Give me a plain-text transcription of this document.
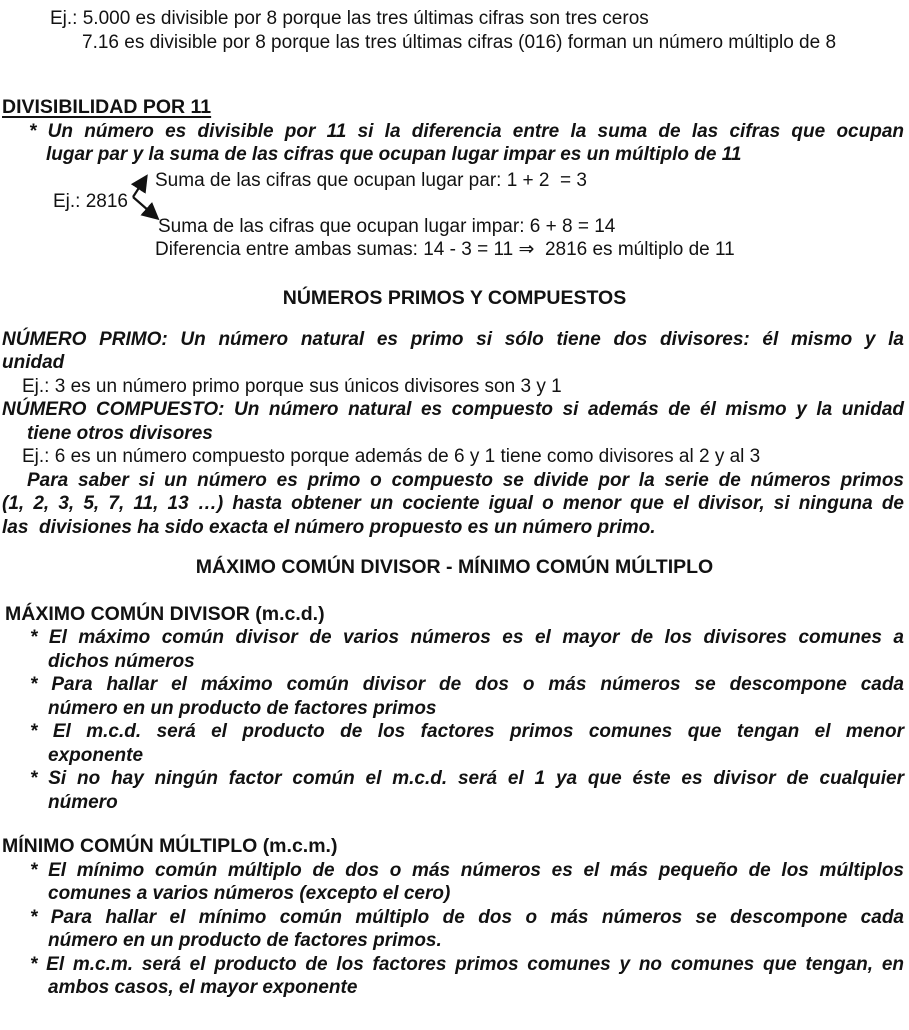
Ej.: 5.000 es divisible por 8 porque las tres últimas cifras son tres ceros
7.16 es divisible por 8 porque las tres últimas cifras (016) forman un número múltiplo de 8
DIVISIBILIDAD POR 11
* Un número es divisible por 11 si la diferencia entre la suma de las cifras que ocupan
lugar par y la suma de las cifras que ocupan lugar impar es un múltiplo de 11
Suma de las cifras que ocupan lugar par: 1 + 2  = 3
Ej.: 2816
Suma de las cifras que ocupan lugar impar: 6 + 8 = 14
Diferencia entre ambas sumas: 14 - 3 = 11 ⇒  2816 es múltiplo de 11
NÚMEROS PRIMOS Y COMPUESTOS
NÚMERO PRIMO: Un número natural es primo si sólo tiene dos divisores: él mismo y la
unidad
Ej.: 3 es un número primo porque sus únicos divisores son 3 y 1
NÚMERO COMPUESTO: Un número natural es compuesto si además de él mismo y la unidad
tiene otros divisores
Ej.: 6 es un número compuesto porque además de 6 y 1 tiene como divisores al 2 y al 3
Para saber si un número es primo o compuesto se divide por la serie de números primos
(1, 2, 3, 5, 7, 11, 13 …) hasta obtener un cociente igual o menor que el divisor, si ninguna de
las  divisiones ha sido exacta el número propuesto es un número primo.
MÁXIMO COMÚN DIVISOR - MÍNIMO COMÚN MÚLTIPLO
MÁXIMO COMÚN DIVISOR (m.c.d.)
* El máximo común divisor de varios números es el mayor de los divisores comunes a
dichos números
* Para hallar el máximo común divisor de dos o más números se descompone cada
número en un producto de factores primos
* El m.c.d. será el producto de los factores primos comunes que tengan el menor
exponente
* Si no hay ningún factor común el m.c.d. será el 1 ya que éste es divisor de cualquier
número
MÍNIMO COMÚN MÚLTIPLO (m.c.m.)
* El mínimo común múltiplo de dos o más números es el más pequeño de los múltiplos
comunes a varios números (excepto el cero)
* Para hallar el mínimo común múltiplo de dos o más números se descompone cada
número en un producto de factores primos.
* El m.c.m. será el producto de los factores primos comunes y no comunes que tengan, en
ambos casos, el mayor exponente
